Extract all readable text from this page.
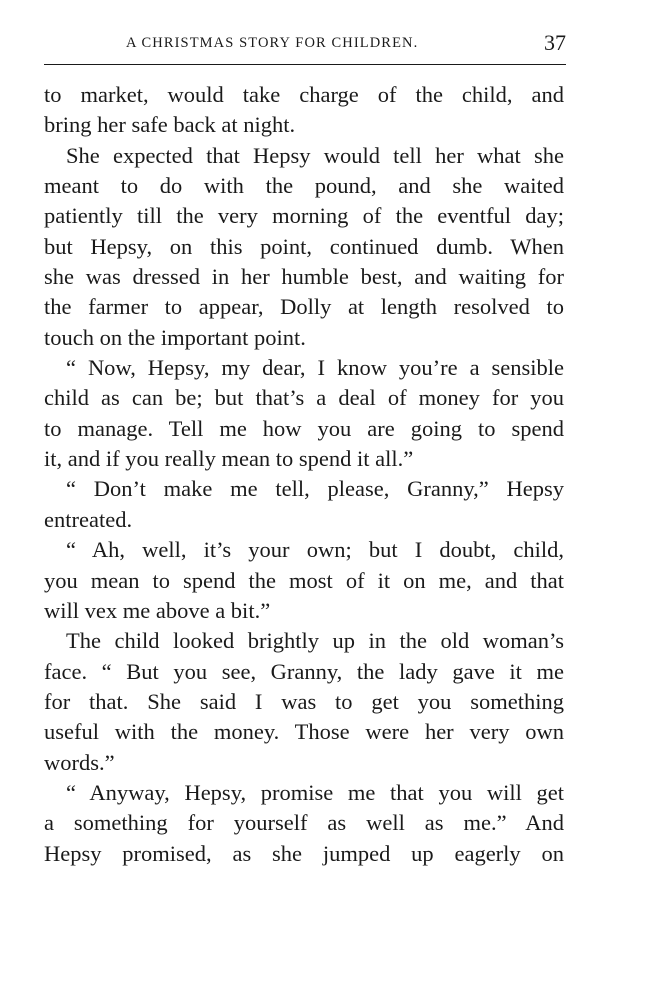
A CHRISTMAS STORY FOR CHILDREN.	37
to market, would take charge of the child, and
bring her safe back at night.
She expected that Hepsy would tell her what she
meant to do with the pound, and she waited
patiently till the very morning of the eventful day;
but Hepsy, on this point, continued dumb. When
she was dressed in her humble best, and waiting for
the farmer to appear, Dolly at length resolved to
touch on the important point.
“ Now, Hepsy, my dear, I know you’re a sensible
child as can be; but that’s a deal of money for you
to manage. Tell me how you are going to spend
it, and if you really mean to spend it all.”
“ Don’t make me tell, please, Granny,” Hepsy
entreated.
“ Ah, well, it’s your own; but I doubt, child,
you mean to spend the most of it on me, and that
will vex me above a bit.”
The child looked brightly up in the old woman’s
face. “ But you see, Granny, the lady gave it me
for that. She said I was to get you something
useful with the money. Those were her very own
words.”
“ Anyway, Hepsy, promise me that you will get
a something for yourself as well as me.” And
Hepsy promised, as she jumped up eagerly on
